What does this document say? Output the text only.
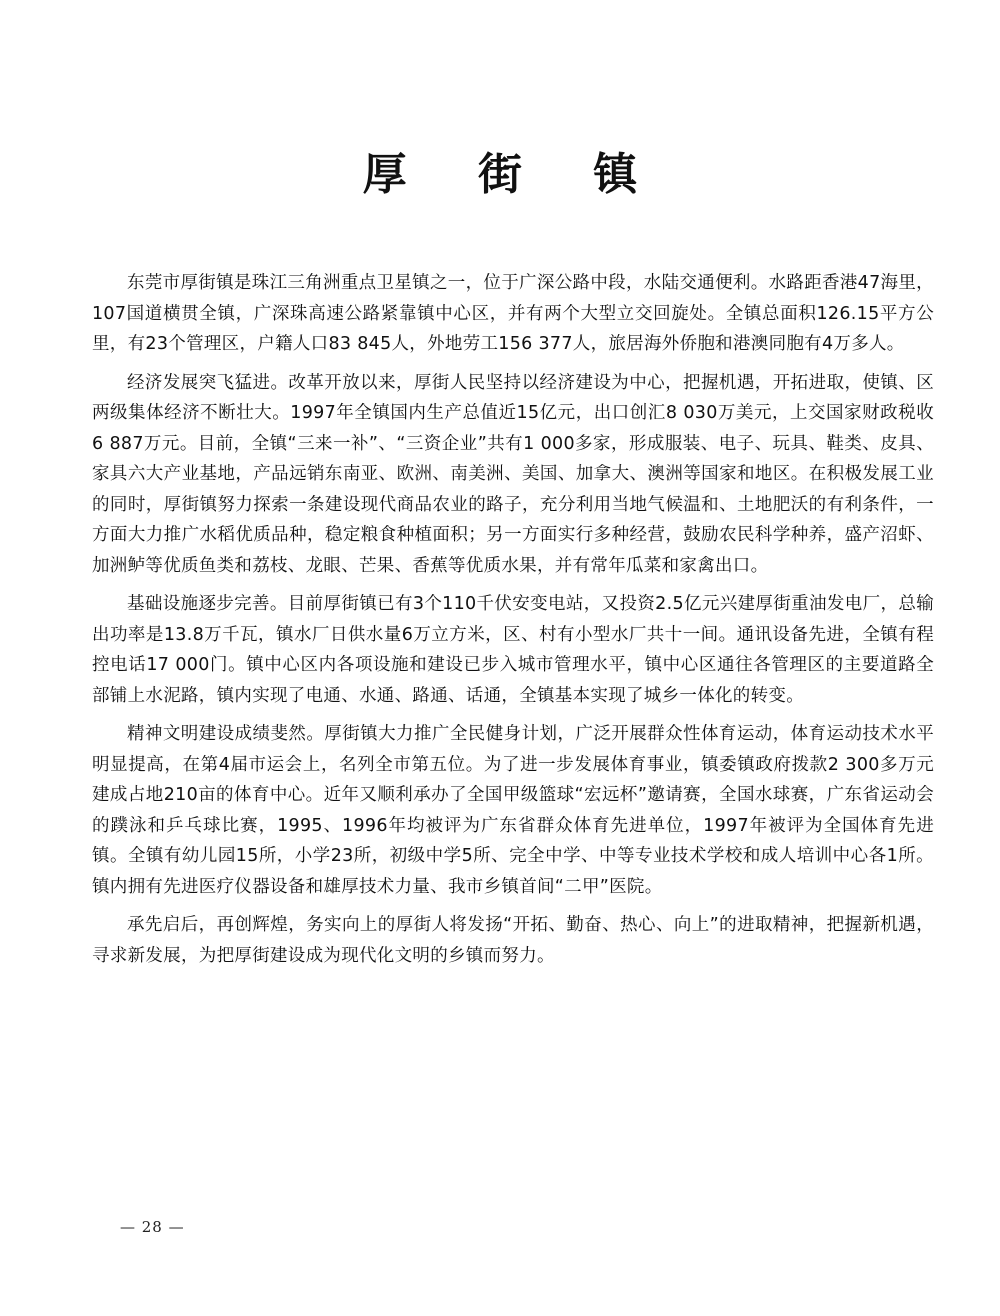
厚 街 镇

东莞市厚街镇是珠江三角洲重点卫星镇之一，位于广深公路中段，水陆交通便利。水路距香港47海里，107国道横贯全镇，广深珠高速公路紧靠镇中心区，并有两个大型立交回旋处。全镇总面积126.15平方公里，有23个管理区，户籍人口83 845人，外地劳工156 377人，旅居海外侨胞和港澳同胞有4万多人。

经济发展突飞猛进。改革开放以来，厚街人民坚持以经济建设为中心，把握机遇，开拓进取，使镇、区两级集体经济不断壮大。1997年全镇国内生产总值近15亿元，出口创汇8 030万美元，上交国家财政税收6 887万元。目前，全镇“三来一补”、“三资企业”共有1 000多家，形成服装、电子、玩具、鞋类、皮具、家具六大产业基地，产品远销东南亚、欧洲、南美洲、美国、加拿大、澳洲等国家和地区。在积极发展工业的同时，厚街镇努力探索一条建设现代商品农业的路子，充分利用当地气候温和、土地肥沃的有利条件，一方面大力推广水稻优质品种，稳定粮食种植面积；另一方面实行多种经营，鼓励农民科学种养，盛产沼虾、加洲鲈等优质鱼类和荔枝、龙眼、芒果、香蕉等优质水果，并有常年瓜菜和家禽出口。

基础设施逐步完善。目前厚街镇已有3个110千伏安变电站，又投资2.5亿元兴建厚街重油发电厂，总输出功率是13.8万千瓦，镇水厂日供水量6万立方米，区、村有小型水厂共十一间。通讯设备先进，全镇有程控电话17 000门。镇中心区内各项设施和建设已步入城市管理水平，镇中心区通往各管理区的主要道路全部铺上水泥路，镇内实现了电通、水通、路通、话通，全镇基本实现了城乡一体化的转变。

精神文明建设成绩斐然。厚街镇大力推广全民健身计划，广泛开展群众性体育运动，体育运动技术水平明显提高，在第4届市运会上，名列全市第五位。为了进一步发展体育事业，镇委镇政府拨款2 300多万元建成占地210亩的体育中心。近年又顺利承办了全国甲级篮球“宏远杯”邀请赛，全国水球赛，广东省运动会的蹼泳和乒乓球比赛，1995、1996年均被评为广东省群众体育先进单位，1997年被评为全国体育先进镇。全镇有幼儿园15所，小学23所，初级中学5所、完全中学、中等专业技术学校和成人培训中心各1所。镇内拥有先进医疗仪器设备和雄厚技术力量、我市乡镇首间“二甲”医院。

承先启后，再创辉煌，务实向上的厚街人将发扬“开拓、勤奋、热心、向上”的进取精神，把握新机遇，寻求新发展，为把厚街建设成为现代化文明的乡镇而努力。

— 28 —
